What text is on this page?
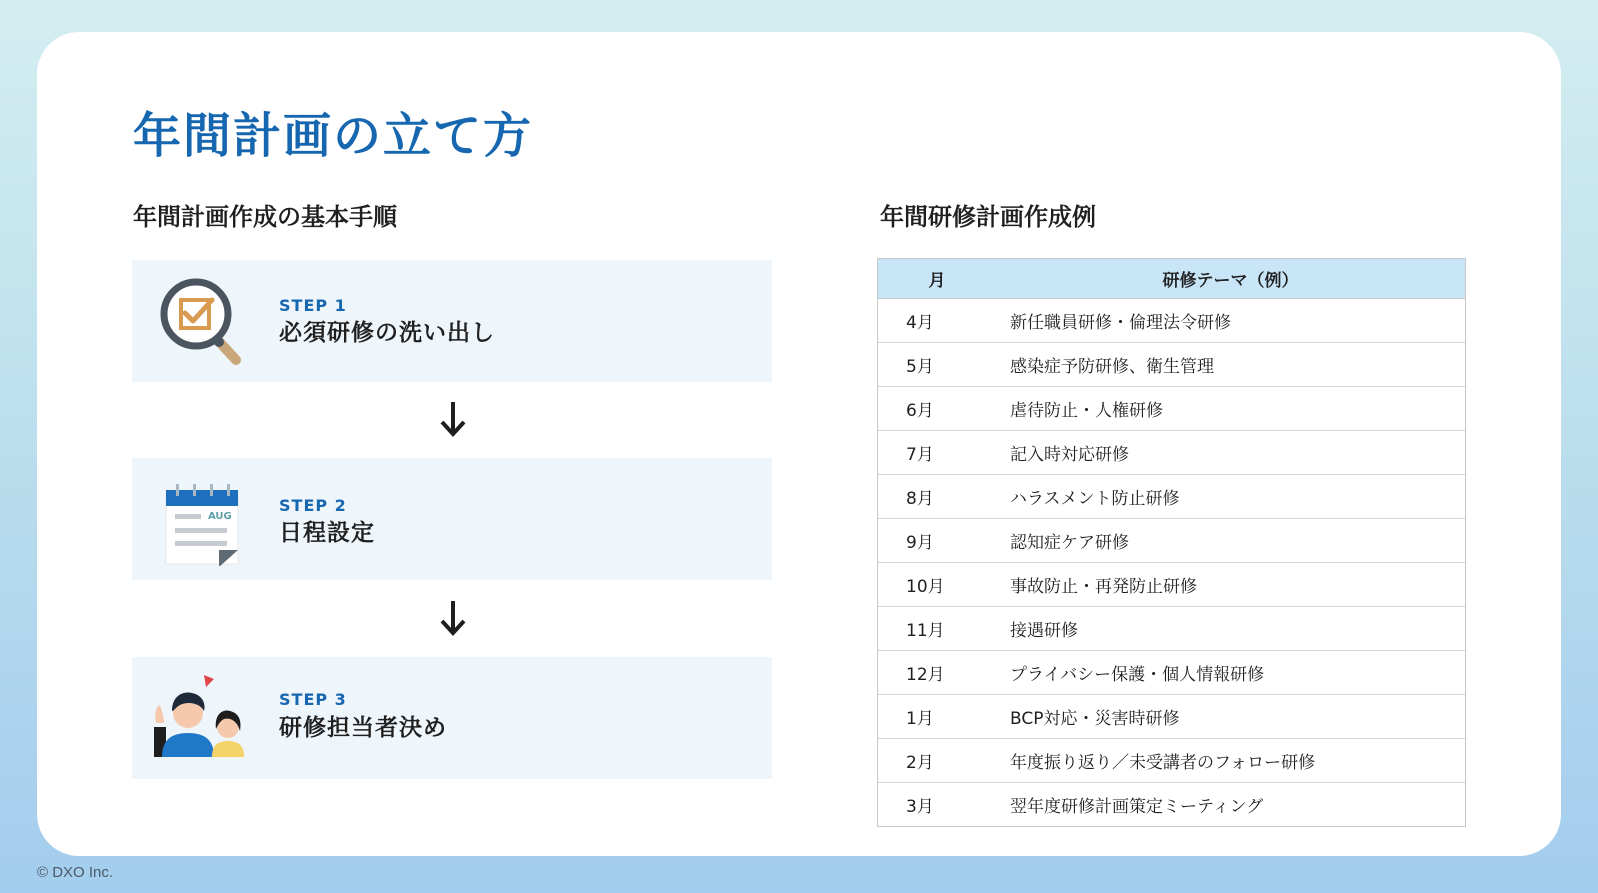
年間計画の立て方
年間計画作成の基本手順	年間研修計画作成例
STEP 1
必須研修の洗い出し
AUG
STEP 2
日程設定
STEP 3
研修担当者決め
月	研修テーマ（例）
4月	新任職員研修・倫理法令研修
5月	感染症予防研修、衛生管理
6月	虐待防止・人権研修
7月	記入時対応研修
8月	ハラスメント防止研修
9月	認知症ケア研修
10月	事故防止・再発防止研修
11月	接遇研修
12月	プライバシー保護・個人情報研修
1月	BCP対応・災害時研修
2月	年度振り返り／未受講者のフォロー研修
3月	翌年度研修計画策定ミーティング
© DXO Inc.
